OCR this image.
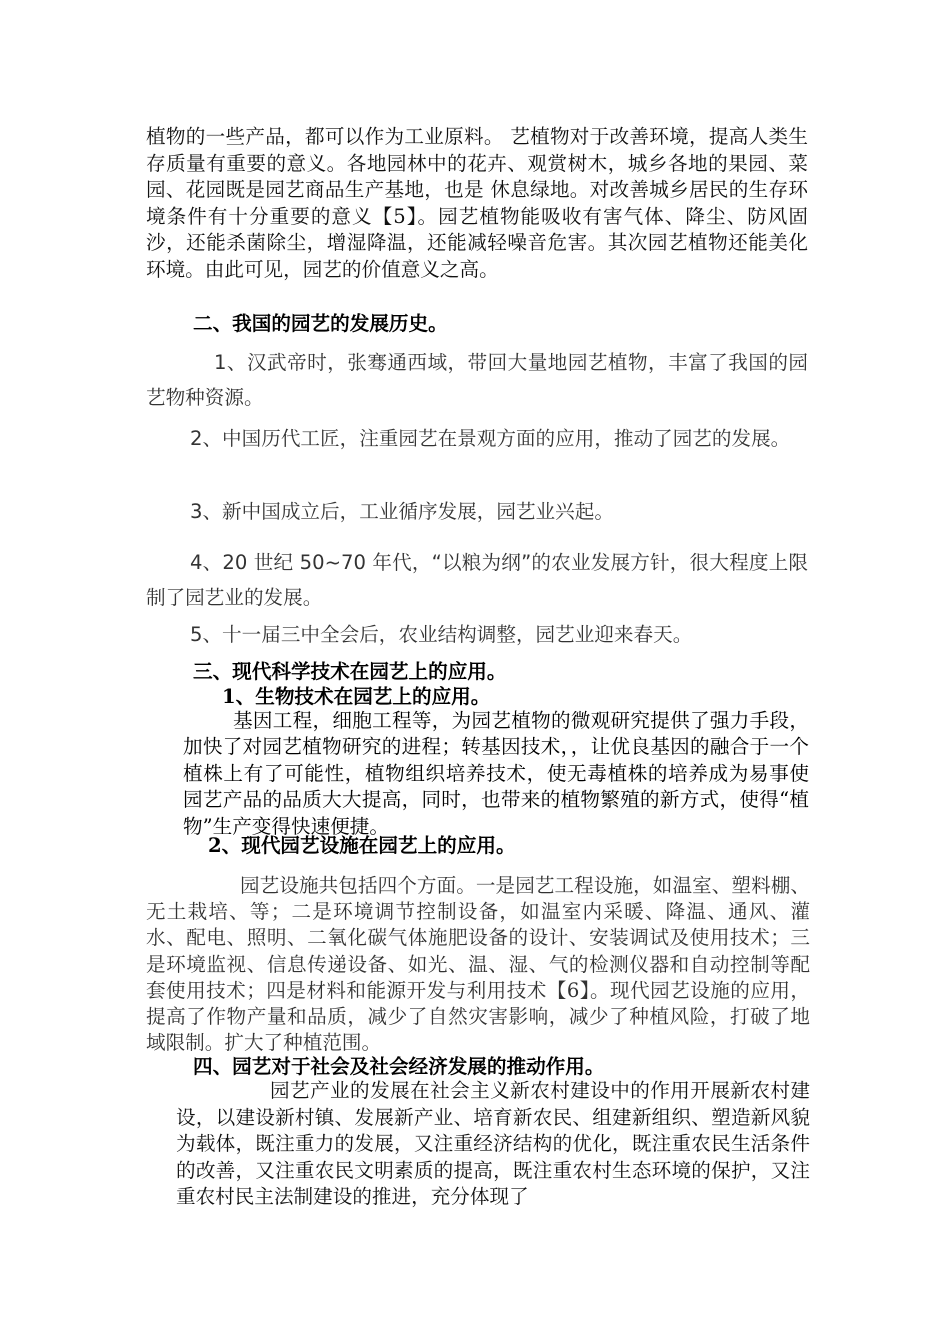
植物的一些产品，都可以作为工业原料。 艺植物对于改善环境，提高人类生存质量有重要的意义。各地园林中的花卉、观赏树木，城乡各地的果园、菜园、花园既是园艺商品生产基地，也是 休息绿地。对改善城乡居民的生存环境条件有十分重要的意义【5】。园艺植物能吸收有害气体、降尘、防风固沙，还能杀菌除尘，增湿降温，还能减轻噪音危害。其次园艺植物还能美化环境。由此可见，园艺的价值意义之高。

二、我国的园艺的发展历史。

1、汉武帝时，张骞通西域，带回大量地园艺植物，丰富了我国的园艺物种资源。

2、中国历代工匠，注重园艺在景观方面的应用，推动了园艺的发展。

3、新中国成立后，工业循序发展，园艺业兴起。

4、20 世纪 50~70 年代，“以粮为纲”的农业发展方针，很大程度上限制了园艺业的发展。

5、十一届三中全会后，农业结构调整，园艺业迎来春天。

三、现代科学技术在园艺上的应用。
1、生物技术在园艺上的应用。

基因工程，细胞工程等，为园艺植物的微观研究提供了强力手段，加快了对园艺植物研究的进程；转基因技术，，让优良基因的融合于一个植株上有了可能性，植物组织培养技术，使无毒植株的培养成为易事使园艺产品的品质大大提高，同时，也带来的植物繁殖的新方式，使得“植物”生产变得快速便捷。

2、现代园艺设施在园艺上的应用。

园艺设施共包括四个方面。一是园艺工程设施，如温室、塑料棚、无土栽培、等；二是环境调节控制设备，如温室内采暖、降温、通风、灌水、配电、照明、二氧化碳气体施肥设备的设计、安装调试及使用技术；三是环境监视、信息传递设备、如光、温、湿、气的检测仪器和自动控制等配套使用技术；四是材料和能源开发与利用技术【6】。现代园艺设施的应用，提高了作物产量和品质，减少了自然灾害影响，减少了种植风险，打破了地域限制。扩大了种植范围。

四、园艺对于社会及社会经济发展的推动作用。

园艺产业的发展在社会主义新农村建设中的作用开展新农村建设，以建设新村镇、发展新产业、培育新农民、组建新组织、塑造新风貌为载体，既注重力的发展，又注重经济结构的优化，既注重农民生活条件的改善，又注重农民文明素质的提高，既注重农村生态环境的保护，又注重农村民主法制建设的推进，充分体现了
